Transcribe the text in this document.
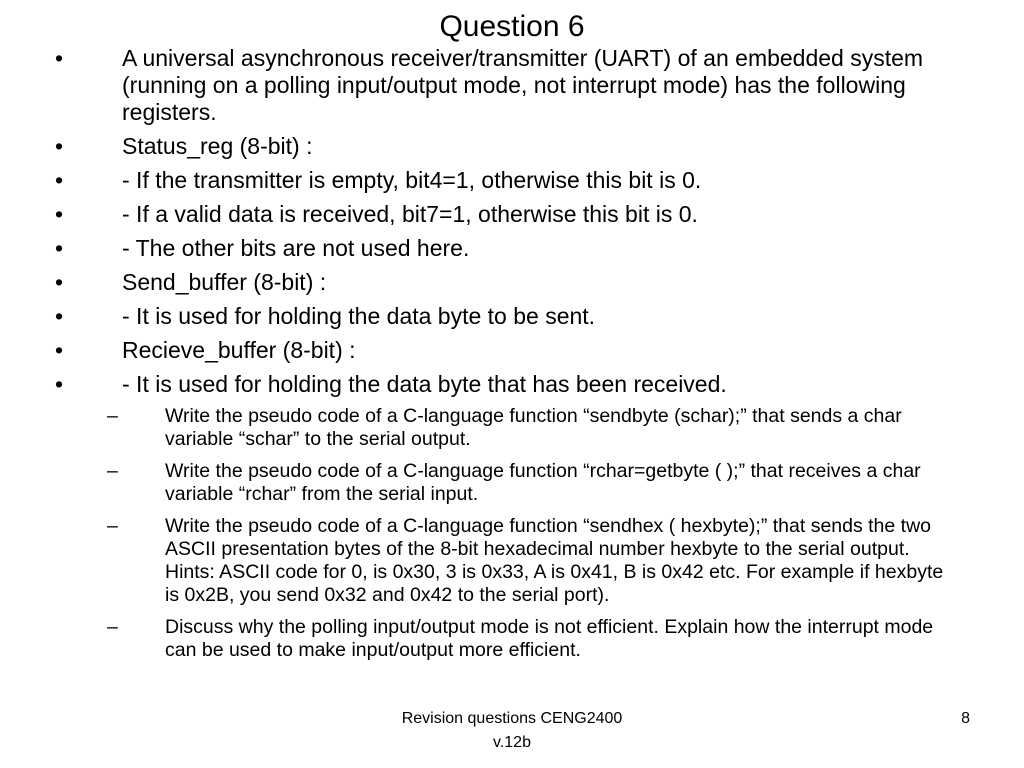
Question 6
•	A universal asynchronous receiver/transmitter (UART) of an embedded system (running on a polling input/output mode, not interrupt mode) has the following registers.
•	Status_reg (8-bit) :
•	- If the transmitter is empty, bit4=1, otherwise this bit is 0.
•	- If a valid data is received, bit7=1, otherwise this bit is 0.
•	- The other bits are not used here.
•	Send_buffer (8-bit) :
•	- It is used for holding the data byte to be sent.
•	Recieve_buffer (8-bit) :
•	- It is used for holding the data byte that has been received.
– Write the pseudo code of a C-language function “sendbyte (schar);” that sends a char variable “schar” to the serial output.
– Write the pseudo code of a C-language function “rchar=getbyte ( );” that receives a char variable “rchar” from the serial input.
– Write the pseudo code of a C-language function “sendhex ( hexbyte);” that sends the two ASCII presentation bytes of the 8-bit hexadecimal number hexbyte to the serial output. Hints: ASCII code for 0, is 0x30, 3 is 0x33, A is 0x41, B is 0x42 etc. For example if hexbyte is 0x2B, you send 0x32 and 0x42 to the serial port).
– Discuss why the polling input/output mode is not efficient. Explain how the interrupt mode can be used to make input/output more efficient.
Revision questions CENG2400
v.12b
8
